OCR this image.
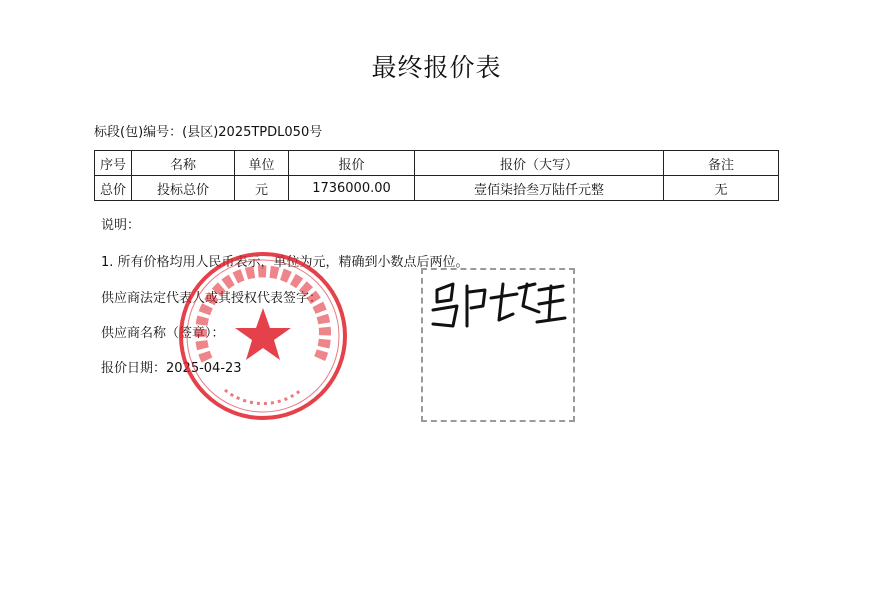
最终报价表
标段(包)编号：(县区)2025TPDL050号
序号	名称	单位	报价	报价（大写）	备注
总价	投标总价	元	1736000.00	壹佰柒拾叁万陆仟元整	无
说明：
1. 所有价格均用人民币表示，单位为元，精确到小数点后两位。
供应商法定代表人或其授权代表签字：
供应商名称（签章）：
报价日期：2025-04-23
